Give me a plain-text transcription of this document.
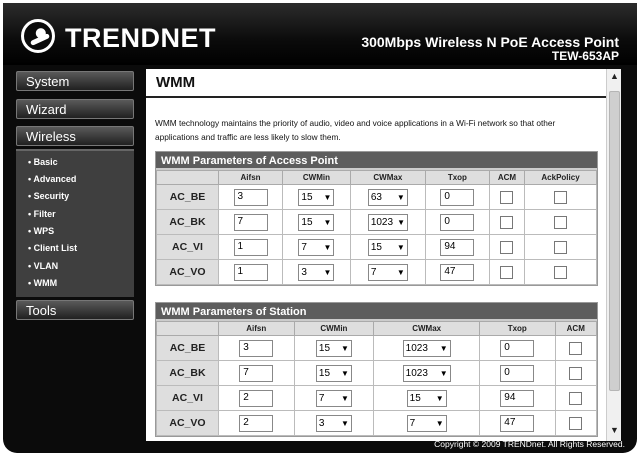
TRENDNET	300Mbps Wireless N PoE Access Point
TEW-653AP
System
Wizard
Wireless
• Basic
• Advanced
• Security
• Filter
• WPS
• Client List
• VLAN
• WMM
Tools
WMM
WMM technology maintains the priority of audio, video and voice applications in a Wi-Fi network so that other applications and traffic are less likely to slow them.
WMM Parameters of Access Point
	Aifsn	CWMin	CWMax	Txop	ACM	AckPolicy
AC_BE	3	15 ▼	63 ▼	0		
AC_BK	7	15 ▼	1023 ▼	0		
AC_VI	1	7 ▼	15 ▼	94		
AC_VO	1	3 ▼	7 ▼	47		
WMM Parameters of Station
	Aifsn	CWMin	CWMax	Txop	ACM
AC_BE	3	15 ▼	1023 ▼	0	
AC_BK	7	15 ▼	1023 ▼	0	
AC_VI	2	7 ▼	15 ▼	94	
AC_VO	2	3 ▼	7 ▼	47	
▲
▼
Copyright © 2009 TRENDnet. All Rights Reserved.
